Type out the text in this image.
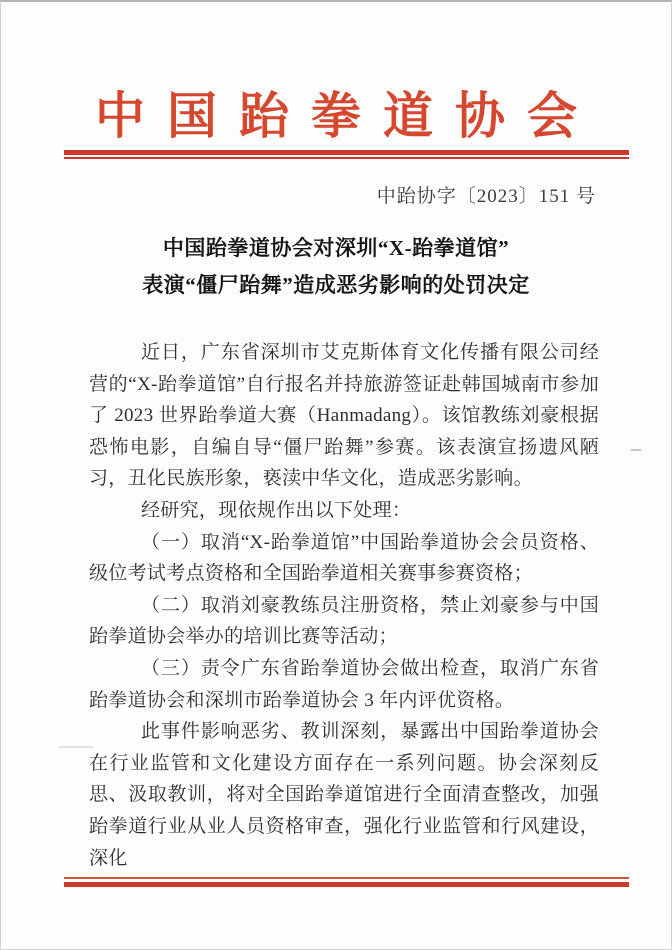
中国跆拳道协会
中跆协字〔2023〕151 号
中国跆拳道协会对深圳“X-跆拳道馆”
表演“僵尸跆舞”造成恶劣影响的处罚决定

近日，广东省深圳市艾克斯体育文化传播有限公司经营的“X-跆拳道馆”自行报名并持旅游签证赴韩国城南市参加了 2023 世界跆拳道大赛（Hanmadang）。该馆教练刘豪根据恐怖电影，自编自导“僵尸跆舞”参赛。该表演宣扬遗风陋习，丑化民族形象，亵渎中华文化，造成恶劣影响。

经研究，现依规作出以下处理：

（一）取消“X-跆拳道馆”中国跆拳道协会会员资格、级位考试考点资格和全国跆拳道相关赛事参赛资格；

（二）取消刘豪教练员注册资格，禁止刘豪参与中国跆拳道协会举办的培训比赛等活动；

（三）责令广东省跆拳道协会做出检查，取消广东省跆拳道协会和深圳市跆拳道协会 3 年内评优资格。

此事件影响恶劣、教训深刻，暴露出中国跆拳道协会在行业监管和文化建设方面存在一系列问题。协会深刻反思、汲取教训，将对全国跆拳道馆进行全面清查整改，加强跆拳道行业从业人员资格审查，强化行业监管和行风建设，深化
